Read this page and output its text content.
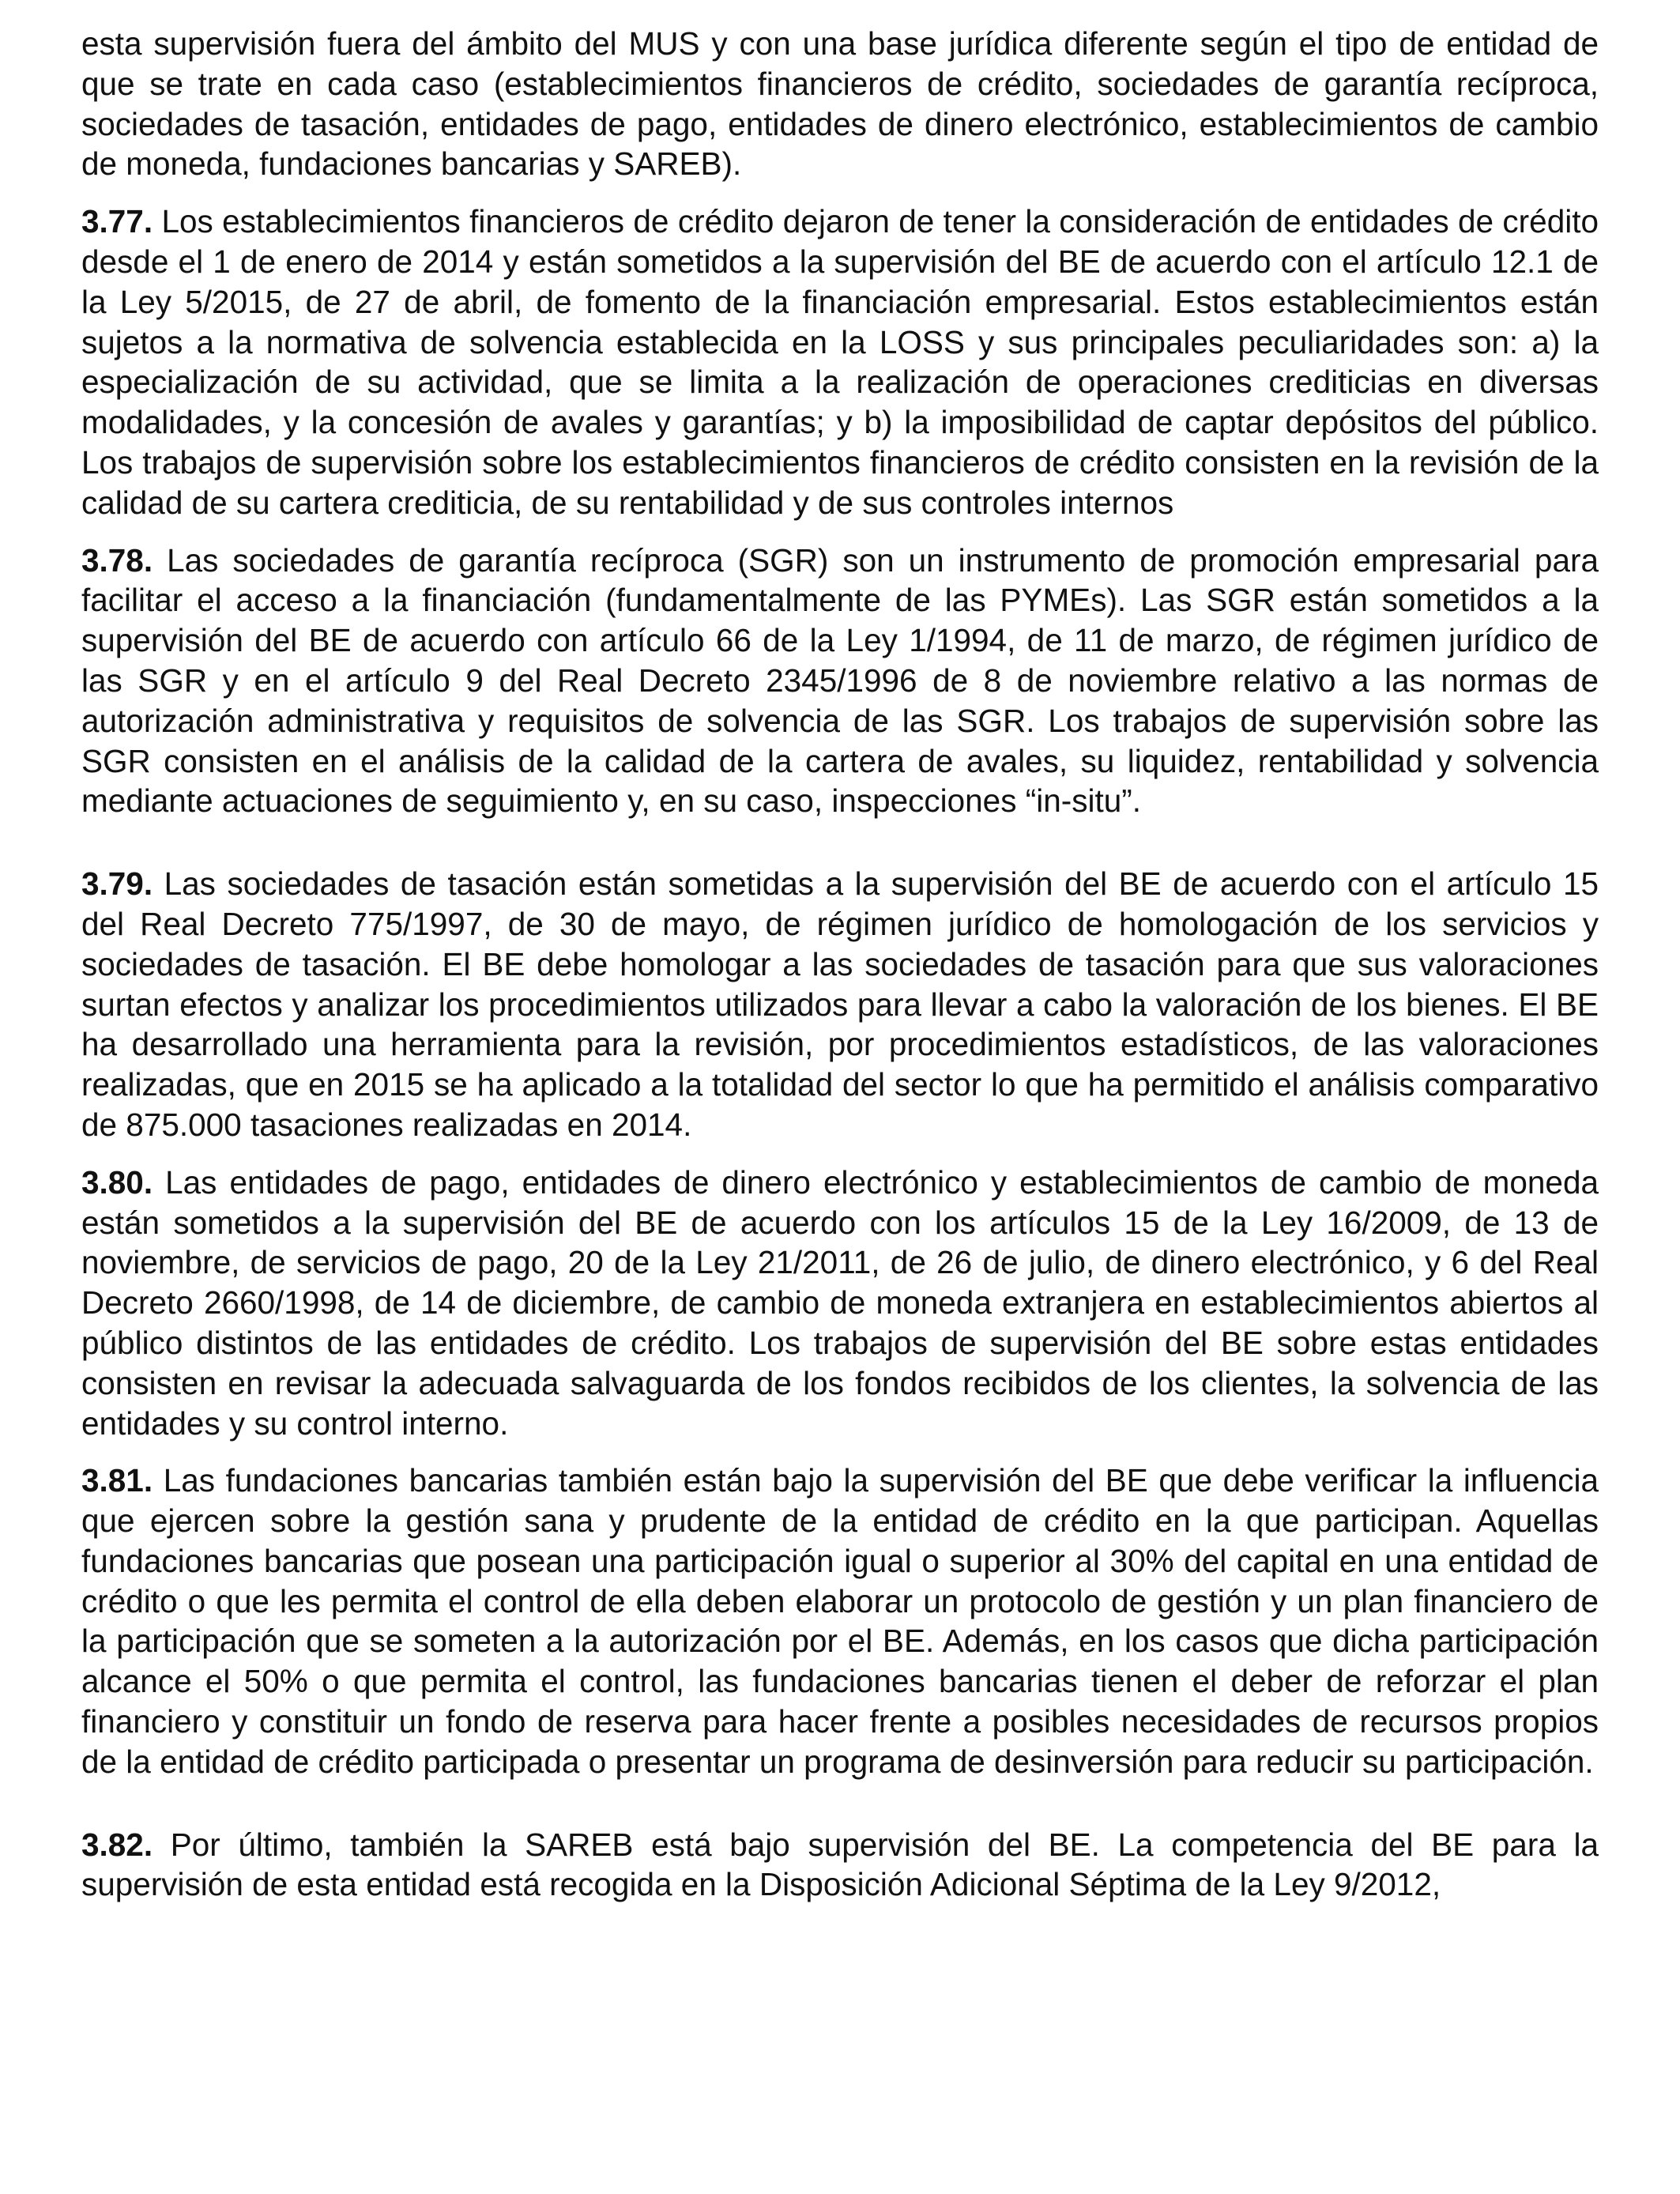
esta supervisión fuera del ámbito del MUS y con una base jurídica diferente según el tipo de entidad de que se trate en cada caso (establecimientos financieros de crédito, sociedades de garantía recíproca, sociedades de tasación, entidades de pago, entidades de dinero electrónico, establecimientos de cambio de moneda, fundaciones bancarias y SAREB).

3.77. Los establecimientos financieros de crédito dejaron de tener la consideración de entidades de crédito desde el 1 de enero de 2014 y están sometidos a la supervisión del BE de acuerdo con el artículo 12.1 de la Ley 5/2015, de 27 de abril, de fomento de la financiación empresarial. Estos establecimientos están sujetos a la normativa de solvencia establecida en la LOSS y sus principales peculiaridades son: a) la especialización de su actividad, que se limita a la realización de operaciones crediticias en diversas modalidades, y la concesión de avales y garantías; y b) la imposibilidad de captar depósitos del público. Los trabajos de supervisión sobre los establecimientos financieros de crédito consisten en la revisión de la calidad de su cartera crediticia, de su rentabilidad y de sus controles internos

3.78. Las sociedades de garantía recíproca (SGR) son un instrumento de promoción empresarial para facilitar el acceso a la financiación (fundamentalmente de las PYMEs). Las SGR están sometidos a la supervisión del BE de acuerdo con artículo 66 de la Ley 1/1994, de 11 de marzo, de régimen jurídico de las SGR y en el artículo 9 del Real Decreto 2345/1996 de 8 de noviembre relativo a las normas de autorización administrativa y requisitos de solvencia de las SGR. Los trabajos de supervisión sobre las SGR consisten en el análisis de la calidad de la cartera de avales, su liquidez, rentabilidad y solvencia mediante actuaciones de seguimiento y, en su caso, inspecciones “in-situ”.

3.79. Las sociedades de tasación están sometidas a la supervisión del BE de acuerdo con el artículo 15 del Real Decreto 775/1997, de 30 de mayo, de régimen jurídico de homologación de los servicios y sociedades de tasación. El BE debe homologar a las sociedades de tasación para que sus valoraciones surtan efectos y analizar los procedimientos utilizados para llevar a cabo la valoración de los bienes. El BE ha desarrollado una herramienta para la revisión, por procedimientos estadísticos, de las valoraciones realizadas, que en 2015 se ha aplicado a la totalidad del sector lo que ha permitido el análisis comparativo de 875.000 tasaciones realizadas en 2014.

3.80. Las entidades de pago, entidades de dinero electrónico y establecimientos de cambio de moneda están sometidos a la supervisión del BE de acuerdo con los artículos 15 de la Ley 16/2009, de 13 de noviembre, de servicios de pago, 20 de la Ley 21/2011, de 26 de julio, de dinero electrónico, y 6 del Real Decreto 2660/1998, de 14 de diciembre, de cambio de moneda extranjera en establecimientos abiertos al público distintos de las entidades de crédito. Los trabajos de supervisión del BE sobre estas entidades consisten en revisar la adecuada salvaguarda de los fondos recibidos de los clientes, la solvencia de las entidades y su control interno.

3.81. Las fundaciones bancarias también están bajo la supervisión del BE que debe verificar la influencia que ejercen sobre la gestión sana y prudente de la entidad de crédito en la que participan. Aquellas fundaciones bancarias que posean una participación igual o superior al 30% del capital en una entidad de crédito o que les permita el control de ella deben elaborar un protocolo de gestión y un plan financiero de la participación que se someten a la autorización por el BE. Además, en los casos que dicha participación alcance el 50% o que permita el control, las fundaciones bancarias tienen el deber de reforzar el plan financiero y constituir un fondo de reserva para hacer frente a posibles necesidades de recursos propios de la entidad de crédito participada o presentar un programa de desinversión para reducir su participación.

3.82. Por último, también la SAREB está bajo supervisión del BE. La competencia del BE para la supervisión de esta entidad está recogida en la Disposición Adicional Séptima de la Ley 9/2012,
